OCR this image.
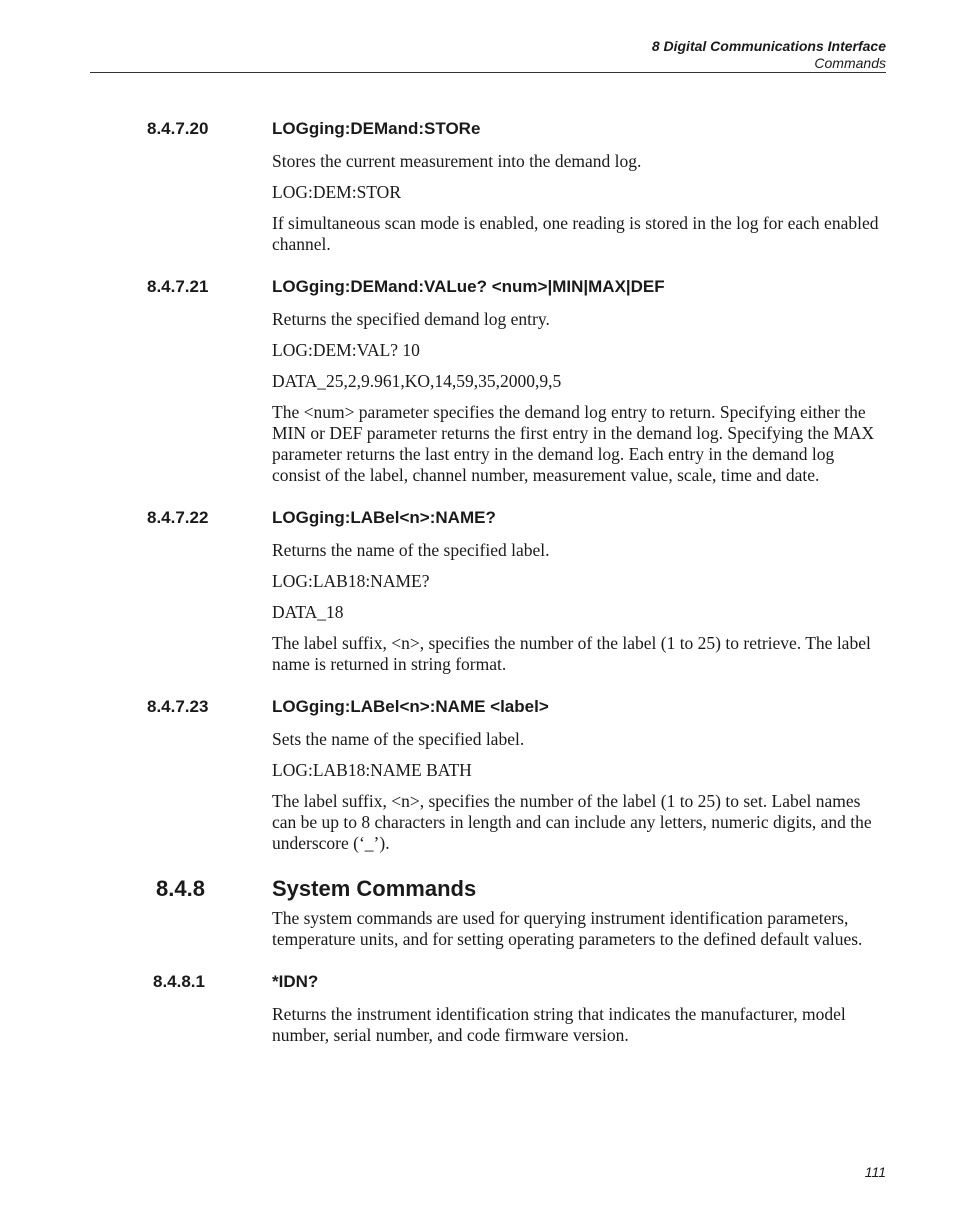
8 Digital Communications Interface
Commands
8.4.7.20	LOGging:DEMand:STORe

Stores the current measurement into the demand log.

LOG:DEM:STOR

If simultaneous scan mode is enabled, one reading is stored in the log for each enabled channel.

8.4.7.21	LOGging:DEMand:VALue? <num>|MIN|MAX|DEF

Returns the specified demand log entry.

LOG:DEM:VAL? 10

DATA_25,2,9.961,KO,14,59,35,2000,9,5

The <num> parameter specifies the demand log entry to return. Specifying either the MIN or DEF parameter returns the first entry in the demand log. Specifying the MAX parameter returns the last entry in the demand log. Each entry in the demand log consist of the label, channel number, measurement value, scale, time and date.

8.4.7.22	LOGging:LABel<n>:NAME?

Returns the name of the specified label.

LOG:LAB18:NAME?

DATA_18

The label suffix, <n>, specifies the number of the label (1 to 25) to retrieve. The label name is returned in string format.

8.4.7.23	LOGging:LABel<n>:NAME <label>

Sets the name of the specified label.

LOG:LAB18:NAME BATH

The label suffix, <n>, specifies the number of the label (1 to 25) to set. Label names can be up to 8 characters in length and can include any letters, numeric digits, and the underscore (‘_’).

8.4.8	System Commands

The system commands are used for querying instrument identification parameters, temperature units, and for setting operating parameters to the defined default values.

8.4.8.1	*IDN?

Returns the instrument identification string that indicates the manufacturer, model number, serial number, and code firmware version.

111
